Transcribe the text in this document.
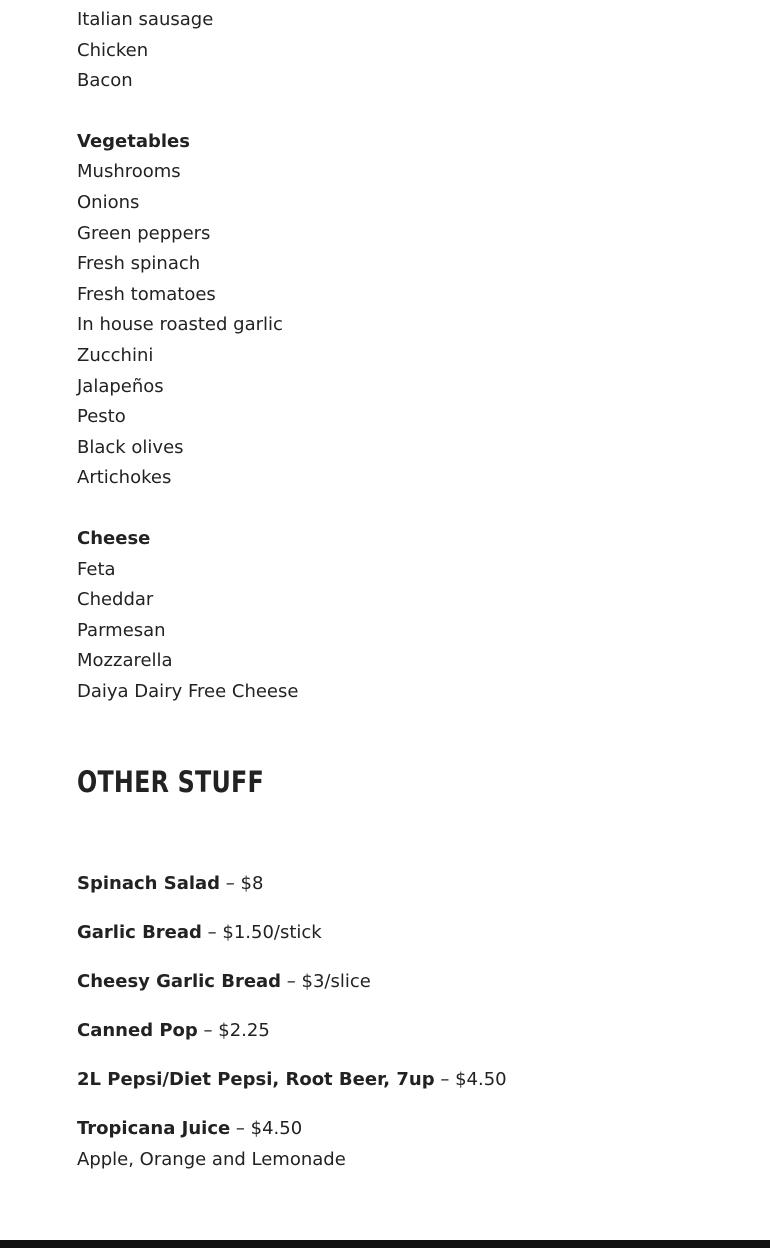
Italian sausage
Chicken
Bacon
Vegetables
Mushrooms
Onions
Green peppers
Fresh spinach
Fresh tomatoes
In house roasted garlic
Zucchini
Jalapeños
Pesto
Black olives
Artichokes
Cheese
Feta
Cheddar
Parmesan
Mozzarella
Daiya Dairy Free Cheese
OTHER STUFF
Spinach Salad – $8
Garlic Bread – $1.50/stick
Cheesy Garlic Bread – $3/slice
Canned Pop – $2.25
2L Pepsi/Diet Pepsi, Root Beer, 7up – $4.50
Tropicana Juice – $4.50
Apple, Orange and Lemonade
